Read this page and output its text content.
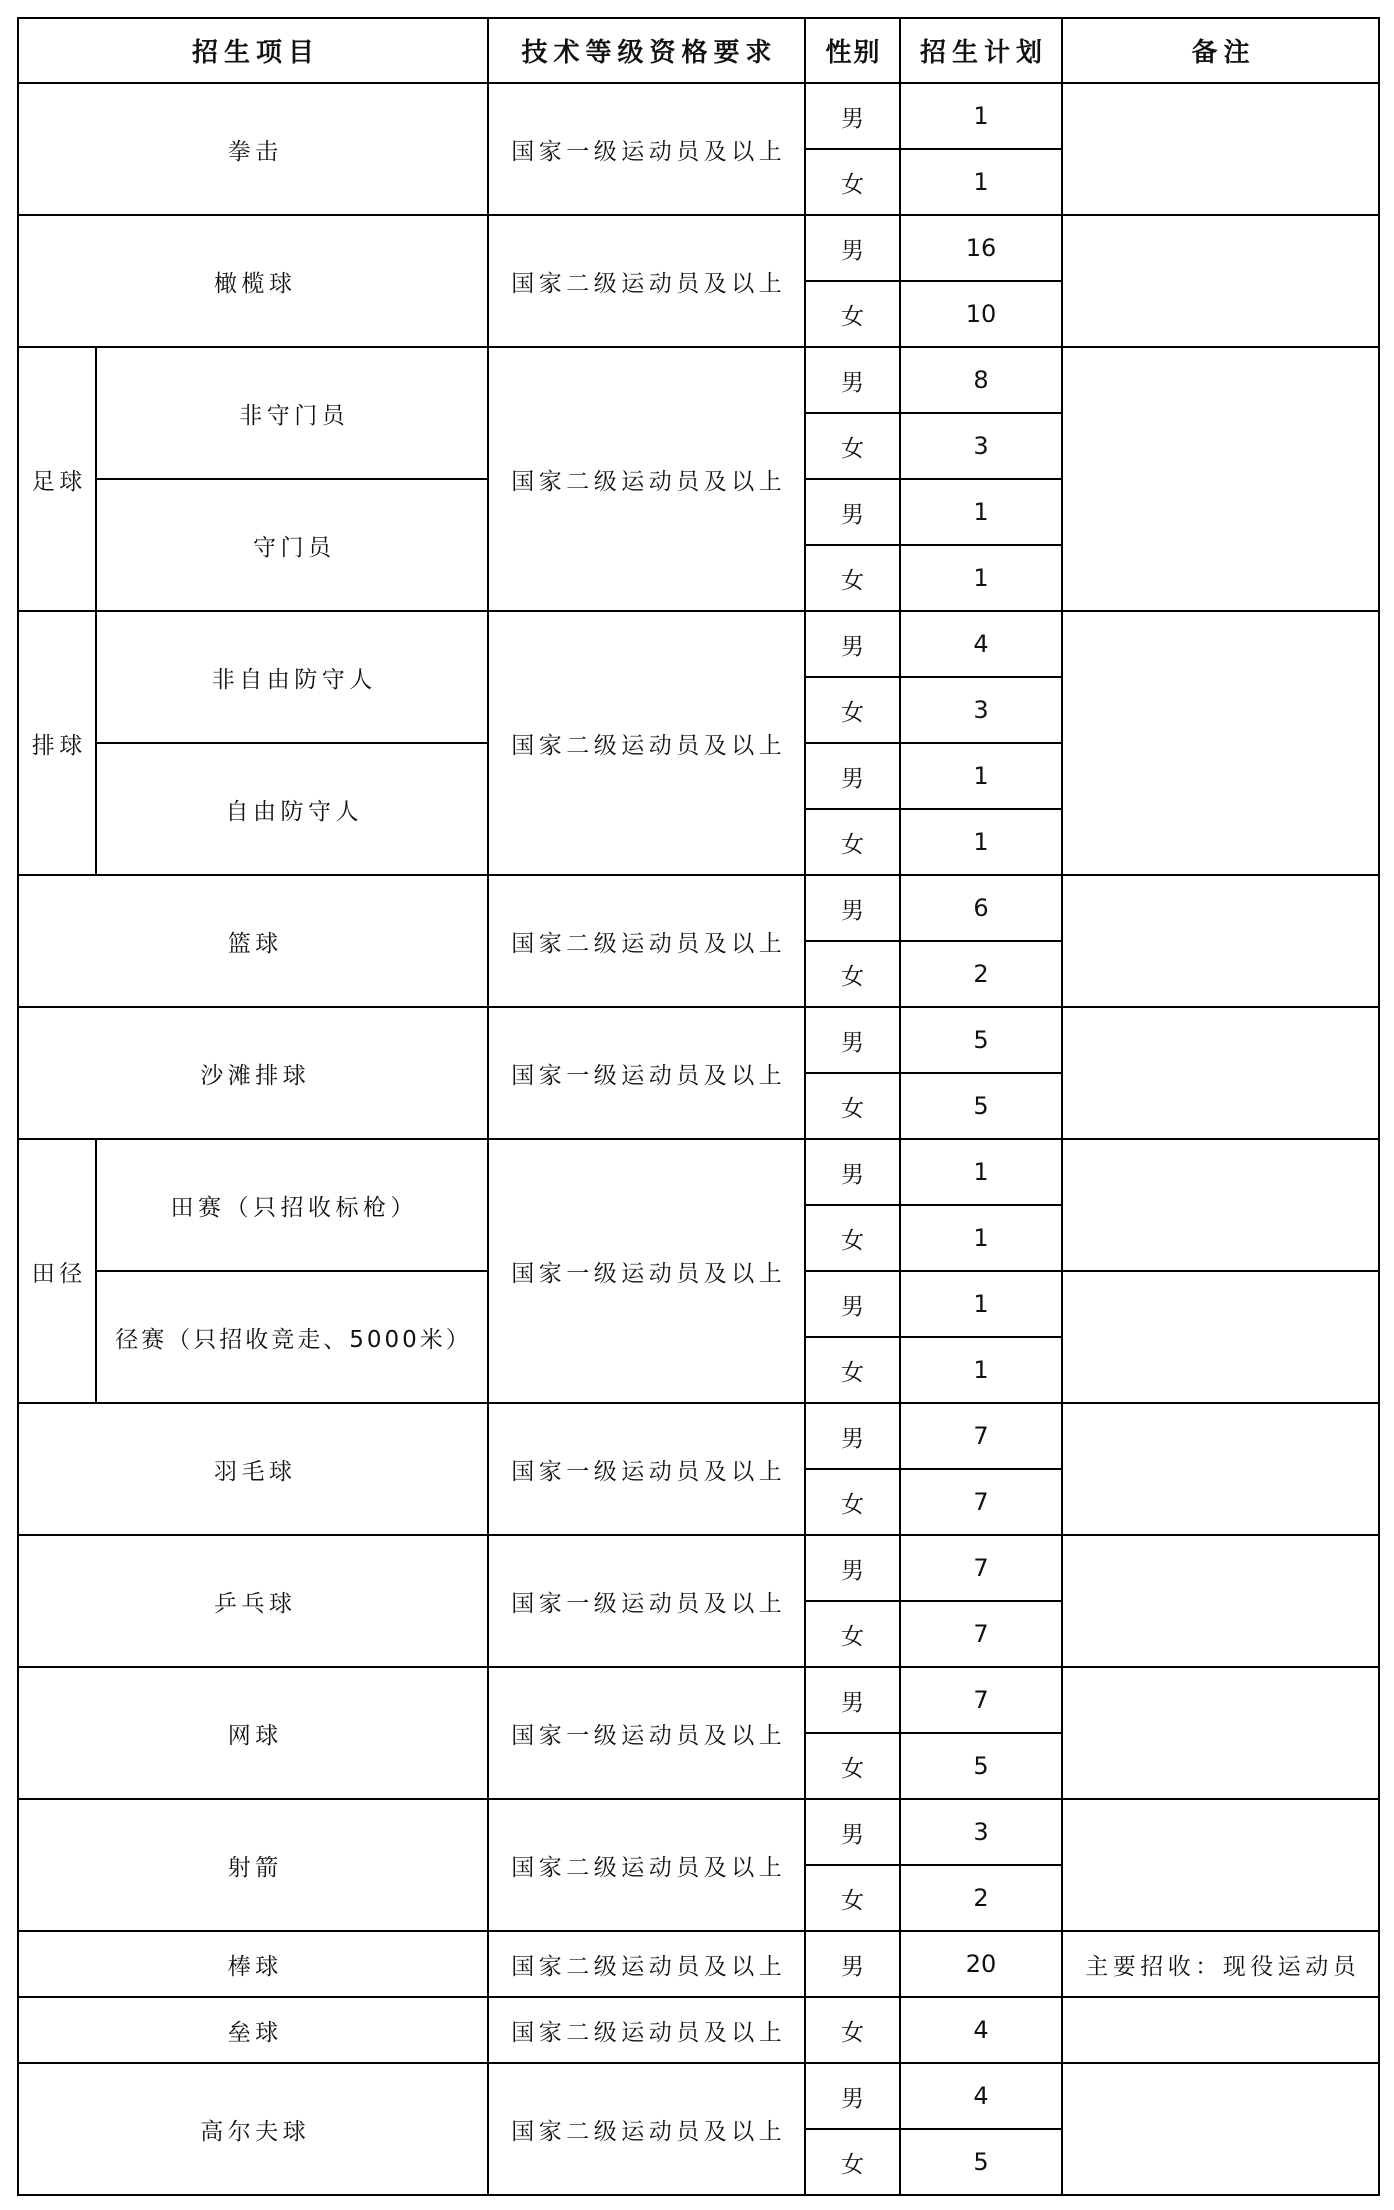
招生项目		技术等级资格要求	性别	招生计划	备注
拳击		国家一级运动员及以上	男	1	
			女	1	
橄榄球		国家二级运动员及以上	男	16	
			女	10	
足球	非守门员	国家二级运动员及以上	男	8	
			女	3	
	守门员		男	1	
			女	1	
排球	非自由防守人	国家二级运动员及以上	男	4	
			女	3	
	自由防守人		男	1	
			女	1	
篮球		国家二级运动员及以上	男	6	
			女	2	
沙滩排球		国家一级运动员及以上	男	5	
			女	5	
田径	田赛（只招收标枪）	国家一级运动员及以上	男	1	
			女	1	
	径赛（只招收竞走、5000米）		男	1	
			女	1	
羽毛球		国家一级运动员及以上	男	7	
			女	7	
乒乓球		国家一级运动员及以上	男	7	
			女	7	
网球		国家一级运动员及以上	男	7	
			女	5	
射箭		国家二级运动员及以上	男	3	
			女	2	
棒球		国家二级运动员及以上	男	20	主要招收：现役运动员
垒球		国家二级运动员及以上	女	4	
高尔夫球		国家二级运动员及以上	男	4	
			女	5	
